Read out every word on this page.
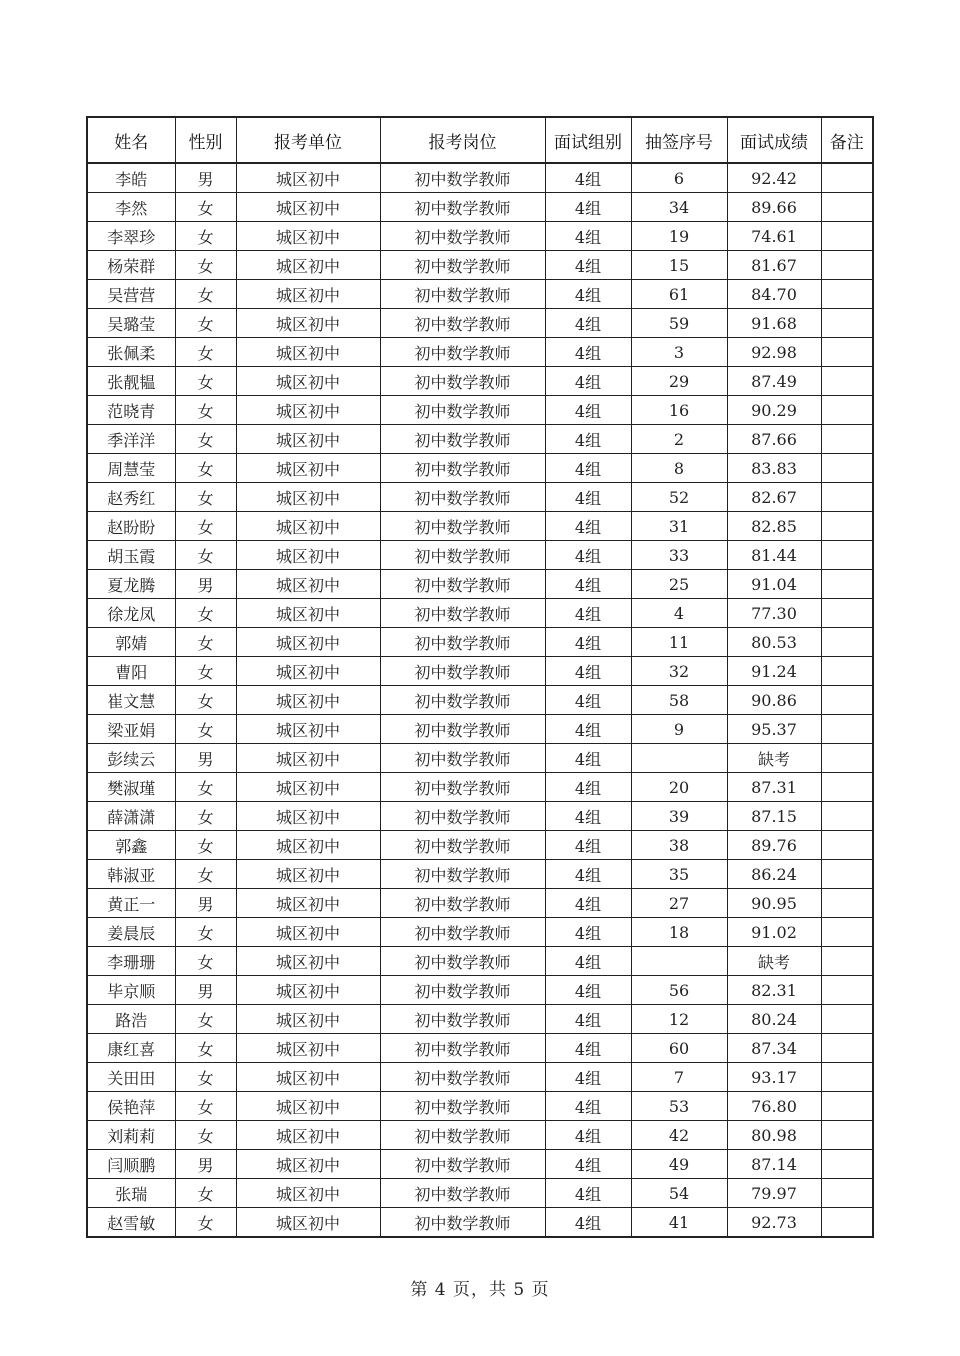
姓名	性别	报考单位	报考岗位	面试组别	抽签序号	面试成绩	备注
李皓	男	城区初中	初中数学教师	4组	6	92.42	
李然	女	城区初中	初中数学教师	4组	34	89.66	
李翠珍	女	城区初中	初中数学教师	4组	19	74.61	
杨荣群	女	城区初中	初中数学教师	4组	15	81.67	
吴营营	女	城区初中	初中数学教师	4组	61	84.70	
吴璐莹	女	城区初中	初中数学教师	4组	59	91.68	
张佩柔	女	城区初中	初中数学教师	4组	3	92.98	
张靓韫	女	城区初中	初中数学教师	4组	29	87.49	
范晓青	女	城区初中	初中数学教师	4组	16	90.29	
季洋洋	女	城区初中	初中数学教师	4组	2	87.66	
周慧莹	女	城区初中	初中数学教师	4组	8	83.83	
赵秀红	女	城区初中	初中数学教师	4组	52	82.67	
赵盼盼	女	城区初中	初中数学教师	4组	31	82.85	
胡玉霞	女	城区初中	初中数学教师	4组	33	81.44	
夏龙腾	男	城区初中	初中数学教师	4组	25	91.04	
徐龙凤	女	城区初中	初中数学教师	4组	4	77.30	
郭婧	女	城区初中	初中数学教师	4组	11	80.53	
曹阳	女	城区初中	初中数学教师	4组	32	91.24	
崔文慧	女	城区初中	初中数学教师	4组	58	90.86	
梁亚娟	女	城区初中	初中数学教师	4组	9	95.37	
彭续云	男	城区初中	初中数学教师	4组		缺考	
樊淑瑾	女	城区初中	初中数学教师	4组	20	87.31	
薛潇潇	女	城区初中	初中数学教师	4组	39	87.15	
郭鑫	女	城区初中	初中数学教师	4组	38	89.76	
韩淑亚	女	城区初中	初中数学教师	4组	35	86.24	
黄正一	男	城区初中	初中数学教师	4组	27	90.95	
姜晨辰	女	城区初中	初中数学教师	4组	18	91.02	
李珊珊	女	城区初中	初中数学教师	4组		缺考	
毕京顺	男	城区初中	初中数学教师	4组	56	82.31	
路浩	女	城区初中	初中数学教师	4组	12	80.24	
康红喜	女	城区初中	初中数学教师	4组	60	87.34	
关田田	女	城区初中	初中数学教师	4组	7	93.17	
侯艳萍	女	城区初中	初中数学教师	4组	53	76.80	
刘莉莉	女	城区初中	初中数学教师	4组	42	80.98	
闫顺鹏	男	城区初中	初中数学教师	4组	49	87.14	
张瑞	女	城区初中	初中数学教师	4组	54	79.97	
赵雪敏	女	城区初中	初中数学教师	4组	41	92.73	
第 4 页，共 5 页
